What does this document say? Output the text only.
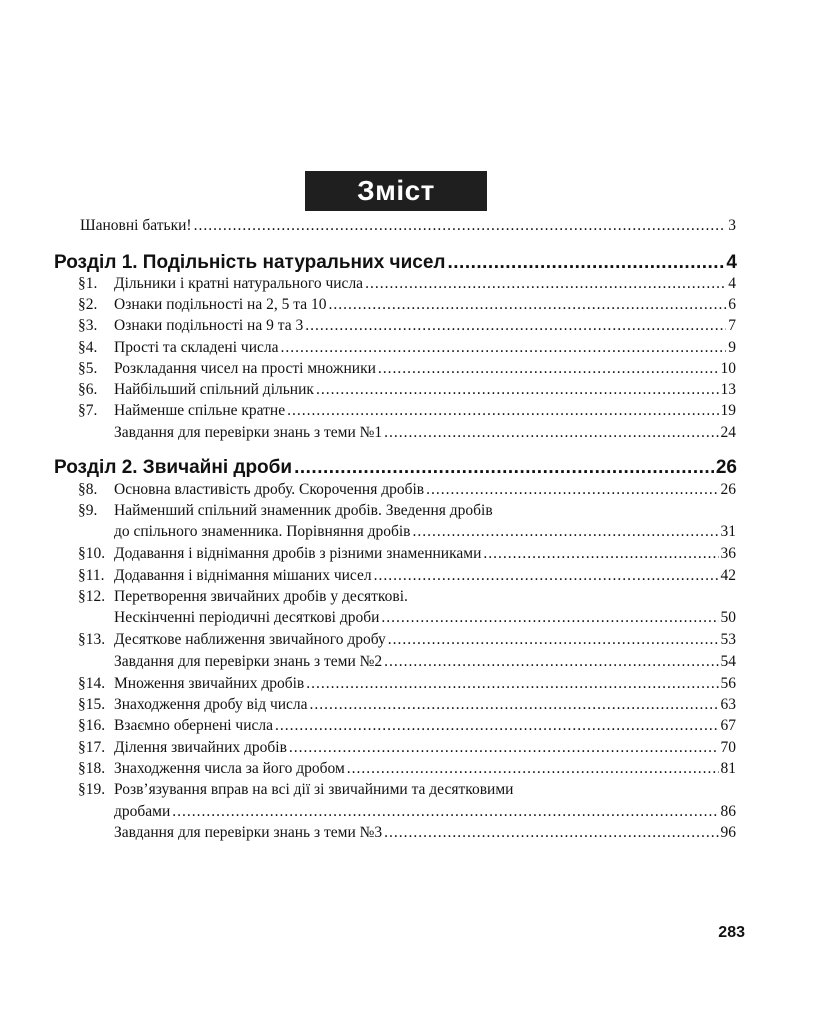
Зміст
Шановні батьки! .....	3
Розділ 1. Подільність натуральних чисел .....	4
§1.	Дільники і кратні натурального числа .....	4
§2.	Ознаки подільності на 2, 5 та 10 .....	6
§3.	Ознаки подільності на 9 та 3 .....	7
§4.	Прості та складені числа .....	9
§5.	Розкладання чисел на прості множники .....	10
§6.	Найбільший спільний дільник .....	13
§7.	Найменше спільне кратне .....	19
Завдання для перевірки знань з теми №1 .....	24
Розділ 2. Звичайні дроби .....	26
§8.	Основна властивість дробу. Скорочення дробів .....	26
§9. Найменший спільний знаменник дробів. Зведення дробів
до спільного знаменника. Порівняння дробів .....	31
§10. Додавання і віднімання дробів з різними знаменниками .....	36
§11. Додавання і віднімання мішаних чисел .....	42
§12. Перетворення звичайних дробів у десяткові.
Нескінченні періодичні десяткові дроби .....	50
§13. Десяткове наближення звичайного дробу .....	53
Завдання для перевірки знань з теми №2 .....	54
§14. Множення звичайних дробів .....	56
§15. Знаходження дробу від числа .....	63
§16. Взаємно обернені числа .....	67
§17. Ділення звичайних дробів .....	70
§18. Знаходження числа за його дробом .....	81
§19. Розв’язування вправ на всі дії зі звичайними та десятковими
дробами .....	86
Завдання для перевірки знань з теми №3 .....	96
283
